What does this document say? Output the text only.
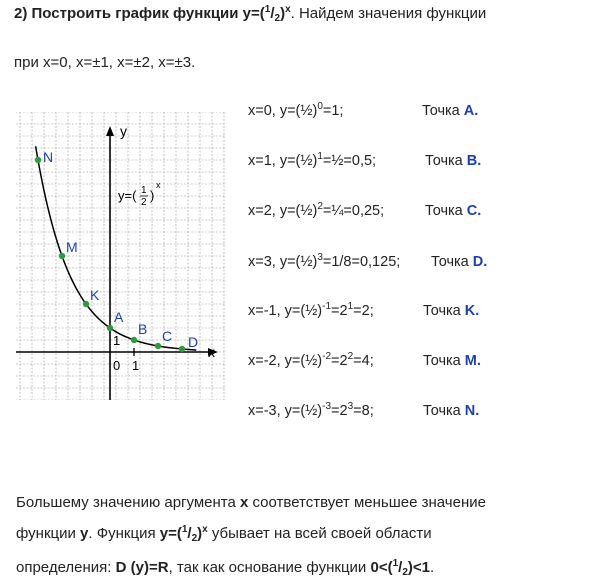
2) Построить график функции $y=(^1/_2)^x$. Найдем значения функции
при x=0, x=±1, x=±2, x=±3.
x
y
0 1
1
y=( 1
2 )
x
N
M
K
A
B C D
x=0, y=(½)$^0$=1;	Точка A.
x=1, y=(½)$^1$=½=0,5;	Точка B.
x=2, y=(½)$^2$=¼=0,25;	Точка C.
x=3, y=(½)$^3$=1/8=0,125; Точка D.
x=-1, $y=(\frac{1}{2})^{-1}=2^1=2$;	Точка K.
x=-2, $y=(\frac{1}{2})^{-2}=2^2=4$;	Точка M.
x=-3, $y=(\frac{1}{2})^{-3}=2^3=8$;	Точка N.
Большему значению аргумента x соответствует меньшее значение
функции y. Функция $y=(^1/_2)^x$ убывает на всей своей области
определения: D (y)=R, так как основание функции $0<(^1/_2)<1$.
